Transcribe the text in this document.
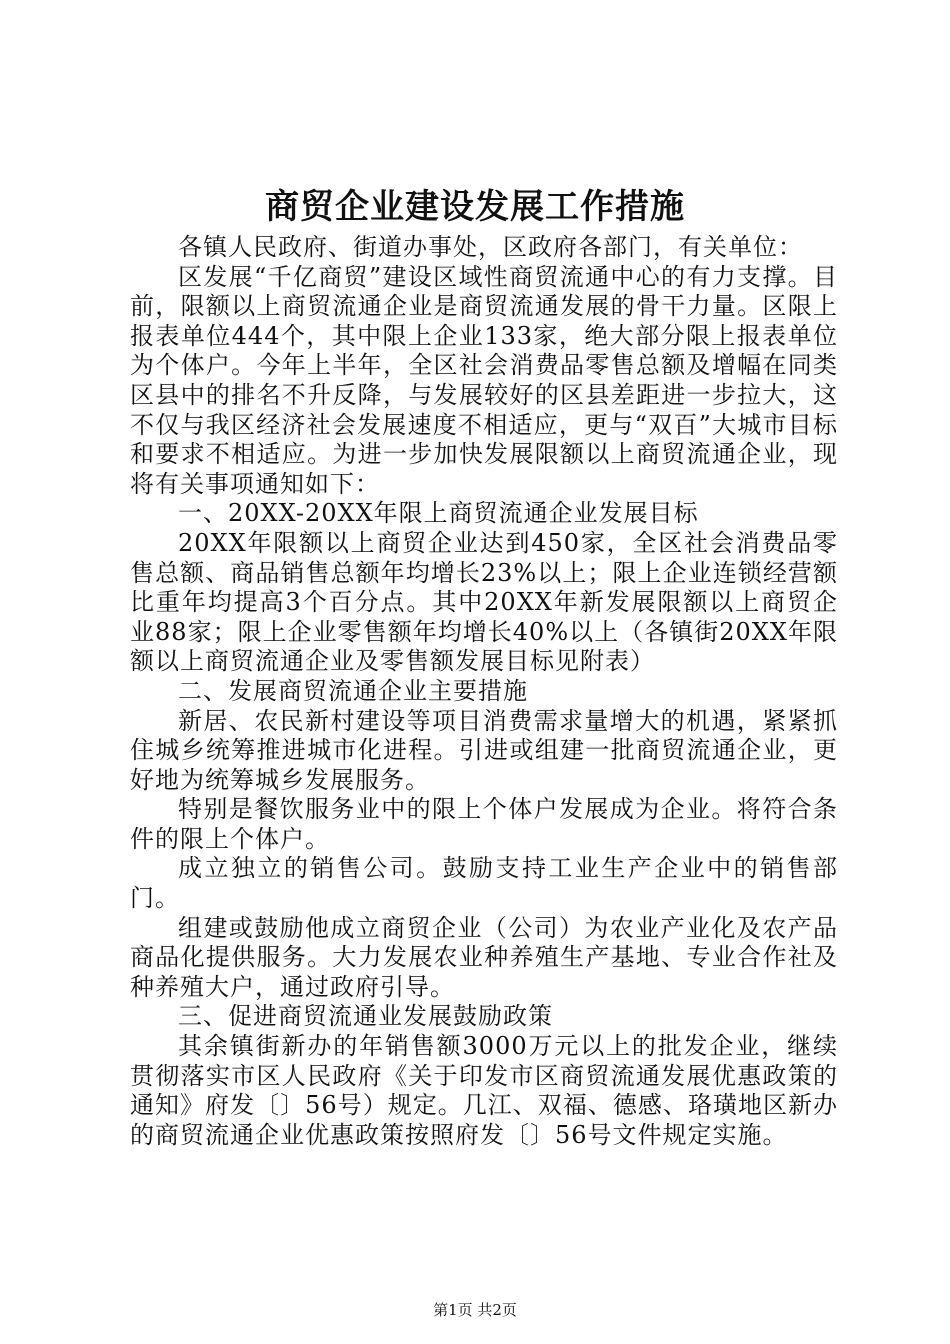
商贸企业建设发展工作措施

各镇人民政府、街道办事处，区政府各部门，有关单位：

区发展“千亿商贸”建设区域性商贸流通中心的有力支撑。目前，限额以上商贸流通企业是商贸流通发展的骨干力量。区限上报表单位444个，其中限上企业133家，绝大部分限上报表单位为个体户。今年上半年，全区社会消费品零售总额及增幅在同类区县中的排名不升反降，与发展较好的区县差距进一步拉大，这不仅与我区经济社会发展速度不相适应，更与“双百”大城市目标和要求不相适应。为进一步加快发展限额以上商贸流通企业，现将有关事项通知如下：

一、20XX-20XX年限上商贸流通企业发展目标

20XX年限额以上商贸企业达到450家，全区社会消费品零售总额、商品销售总额年均增长23%以上；限上企业连锁经营额比重年均提高3个百分点。其中20XX年新发展限额以上商贸企业88家；限上企业零售额年均增长40%以上（各镇街20XX年限额以上商贸流通企业及零售额发展目标见附表）

二、发展商贸流通企业主要措施

新居、农民新村建设等项目消费需求量增大的机遇，紧紧抓住城乡统筹推进城市化进程。引进或组建一批商贸流通企业，更好地为统筹城乡发展服务。

特别是餐饮服务业中的限上个体户发展成为企业。将符合条件的限上个体户。

成立独立的销售公司。鼓励支持工业生产企业中的销售部门。

组建或鼓励他成立商贸企业（公司）为农业产业化及农产品商品化提供服务。大力发展农业种养殖生产基地、专业合作社及种养殖大户，通过政府引导。

三、促进商贸流通业发展鼓励政策

其余镇街新办的年销售额3000万元以上的批发企业，继续贯彻落实市区人民政府《关于印发市区商贸流通发展优惠政策的通知》府发〔〕56号）规定。几江、双福、德感、珞璜地区新办的商贸流通企业优惠政策按照府发〔〕56号文件规定实施。

第1页 共2页
